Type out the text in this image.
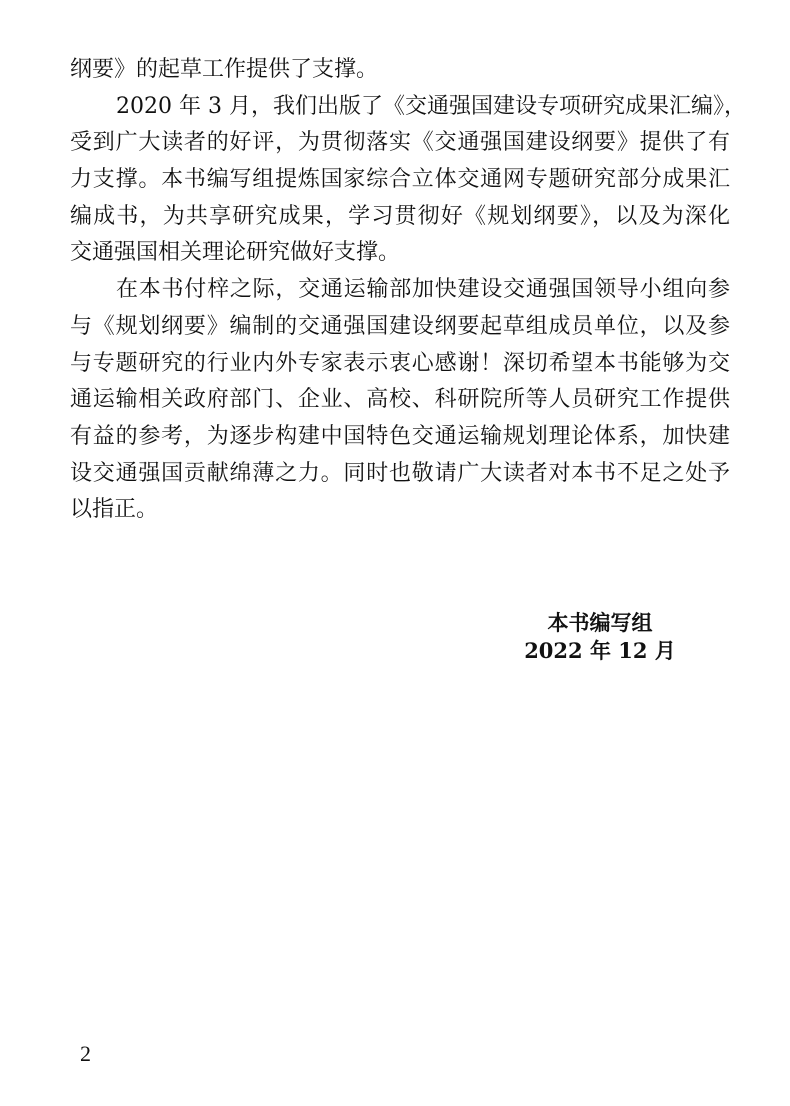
纲要》的起草工作提供了支撑。
2020 年 3 月，我们出版了《交通强国建设专项研究成果汇编》，
受到广大读者的好评，为贯彻落实《交通强国建设纲要》提供了有
力支撑。本书编写组提炼国家综合立体交通网专题研究部分成果汇
编成书，为共享研究成果，学习贯彻好《规划纲要》，以及为深化
交通强国相关理论研究做好支撑。
在本书付梓之际，交通运输部加快建设交通强国领导小组向参
与《规划纲要》编制的交通强国建设纲要起草组成员单位，以及参
与专题研究的行业内外专家表示衷心感谢！深切希望本书能够为交
通运输相关政府部门、企业、高校、科研院所等人员研究工作提供
有益的参考，为逐步构建中国特色交通运输规划理论体系，加快建
设交通强国贡献绵薄之力。同时也敬请广大读者对本书不足之处予
以指正。
本书编写组
2022 年 12 月
2
